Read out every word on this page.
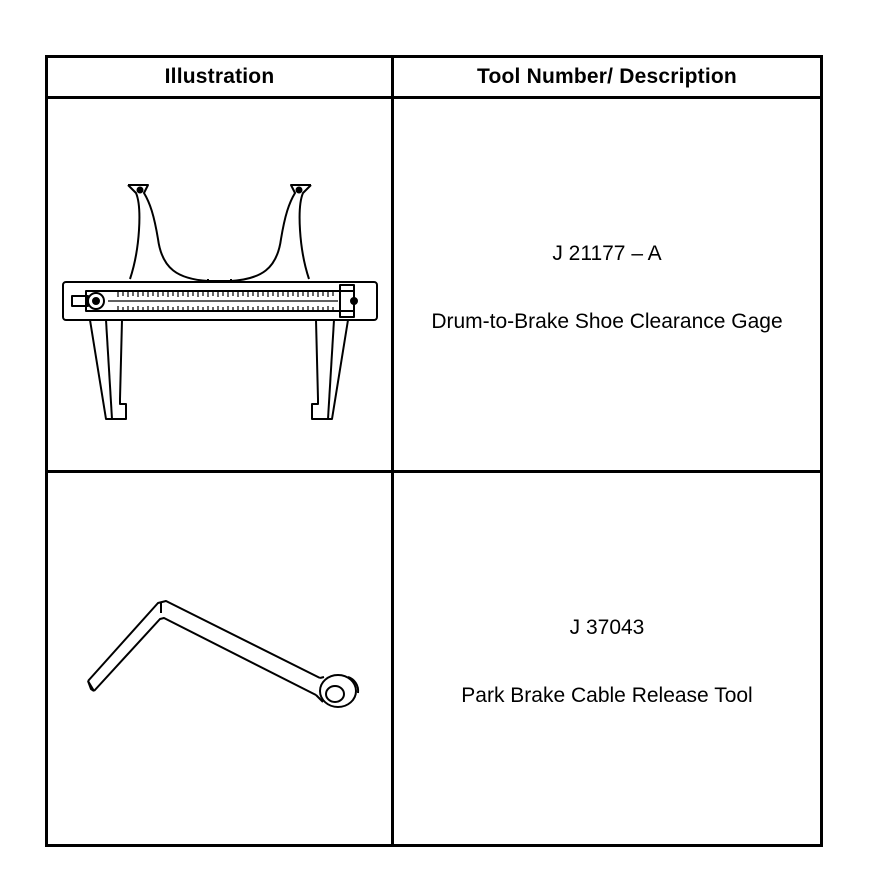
Illustration	Tool Number/ Description
J 21177 – A
Drum-to-Brake Shoe Clearance Gage
J 37043
Park Brake Cable Release Tool
